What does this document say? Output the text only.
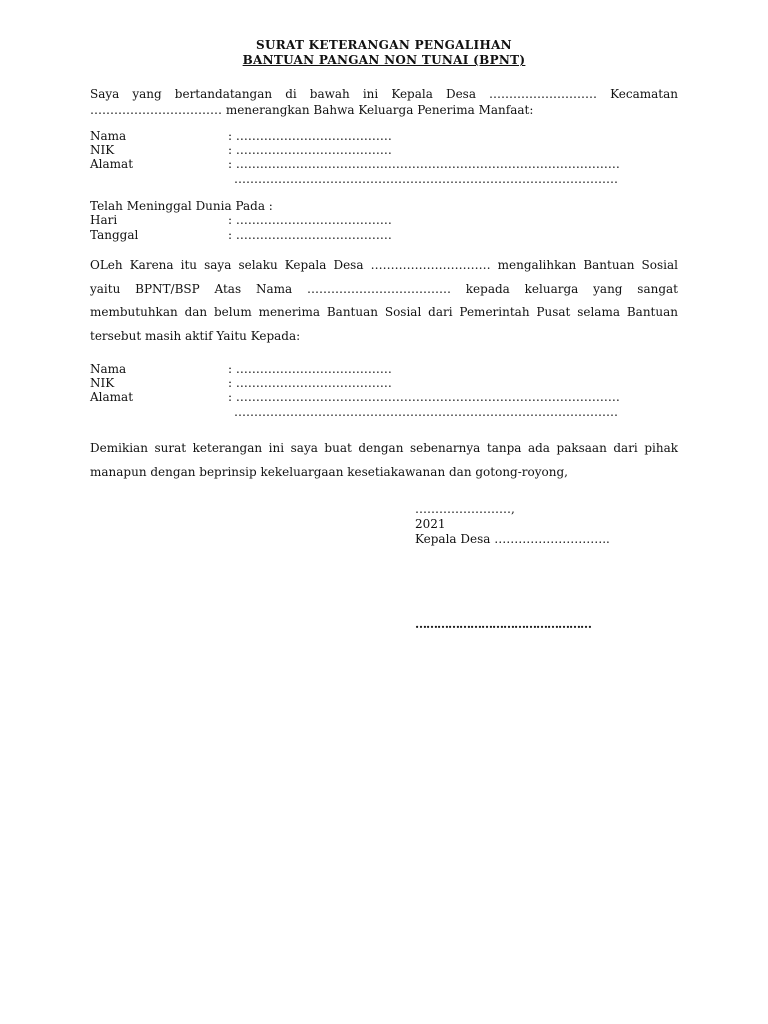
SURAT KETERANGAN PENGALIHAN
BANTUAN PANGAN NON TUNAI (BPNT)
Saya yang bertandatangan di bawah ini Kepala Desa ……………………… Kecamatan …………………………… menerangkan Bahwa Keluarga Penerima Manfaat:
Nama	: …………………………………
NIK	: …………………………………
Alamat	: ……………………………………………………………………………………
……………………………………………………………………………………
Telah Meninggal Dunia Pada :
Hari	: …………………………………
Tanggal	: …………………………………
OLeh Karena itu saya selaku Kepala Desa ………………………… mengalihkan Bantuan Sosial yaitu BPNT/BSP Atas Nama ……………………………… kepada keluarga yang sangat membutuhkan dan belum menerima Bantuan Sosial dari Pemerintah Pusat selama Bantuan tersebut masih aktif Yaitu Kepada:
Nama	: …………………………………
NIK	: …………………………………
Alamat	: ……………………………………………………………………………………
……………………………………………………………………………………
Demikian surat keterangan ini saya buat dengan sebenarnya tanpa ada paksaan dari pihak manapun dengan beprinsip kekeluargaan kesetiakawanan dan gotong-royong,
……………………,
2021
Kepala Desa ………………………..
…………………………………………
